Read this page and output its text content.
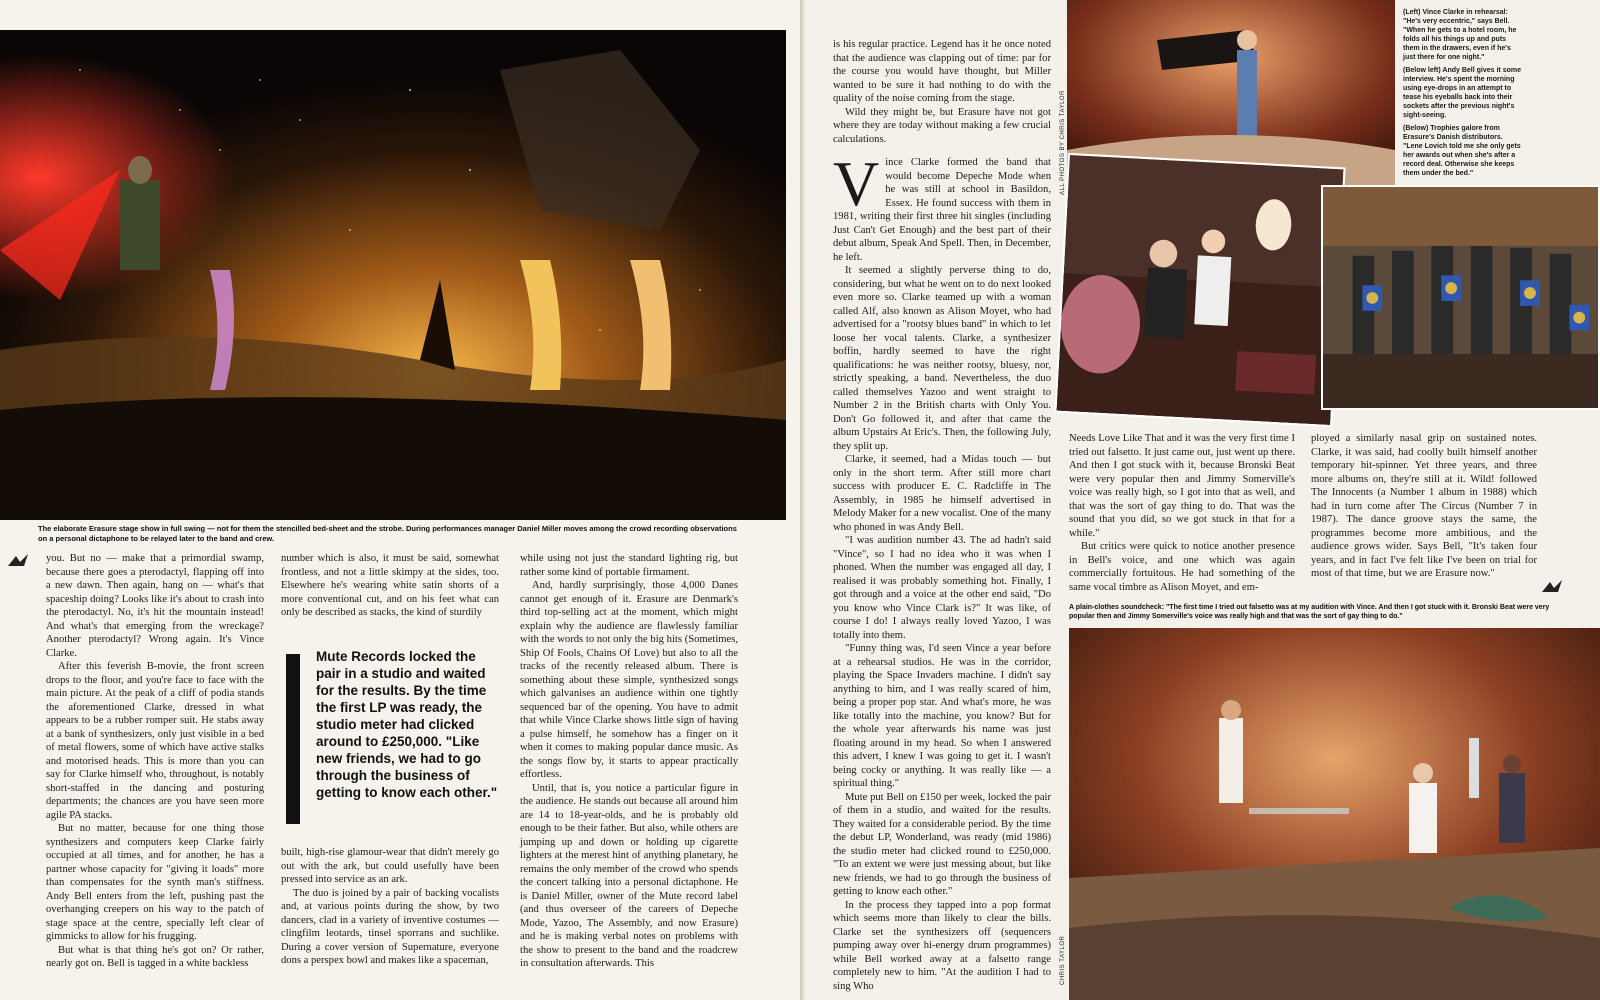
The elaborate Erasure stage show in full swing — not for them the stencilled bed-sheet and the strobe. During performances manager Daniel Miller moves among the crowd recording observations on a personal dictaphone to be relayed later to the band and crew.

you. But no — make that a primordial swamp, because there goes a pterodactyl, flapping off into a new dawn. Then again, hang on — what's that spaceship doing? Looks like it's about to crash into the pterodactyl. No, it's hit the mountain instead! And what's that emerging from the wreckage? Another pterodactyl? Wrong again. It's Vince Clarke.

After this feverish B-movie, the front screen drops to the floor, and you're face to face with the main picture. At the peak of a cliff of podia stands the aforementioned Clarke, dressed in what appears to be a rubber romper suit. He stabs away at a bank of synthesizers, only just visible in a bed of metal flowers, some of which have active stalks and motorised heads. This is more than you can say for Clarke himself who, throughout, is notably short-staffed in the dancing and posturing departments; the chances are you have seen more agile PA stacks.

But no matter, because for one thing those synthesizers and computers keep Clarke fairly occupied at all times, and for another, he has a partner whose capacity for "giving it loads" more than compensates for the synth man's stiffness. Andy Bell enters from the left, pushing past the overhanging creepers on his way to the patch of stage space at the centre, specially left clear of gimmicks to allow for his frugging.

But what is that thing he's got on? Or rather, nearly got on. Bell is tagged in a white backless

number which is also, it must be said, somewhat frontless, and not a little skimpy at the sides, too. Elsewhere he's wearing white satin shorts of a more conventional cut, and on his feet what can only be described as stacks, the kind of sturdily

Mute Records locked the pair in a studio and waited for the results. By the time the first LP was ready, the studio meter had clicked around to £250,000. "Like new friends, we had to go through the business of getting to know each other."

built, high-rise glamour-wear that didn't merely go out with the ark, but could usefully have been pressed into service as an ark.

The duo is joined by a pair of backing vocalists and, at various points during the show, by two dancers, clad in a variety of inventive costumes — clingfilm leotards, tinsel sporrans and suchlike. During a cover version of Supernature, everyone dons a perspex bowl and makes like a spaceman,

while using not just the standard lighting rig, but rather some kind of portable firmament.

And, hardly surprisingly, those 4,000 Danes cannot get enough of it. Erasure are Denmark's third top-selling act at the moment, which might explain why the audience are flawlessly familiar with the words to not only the big hits (Sometimes, Ship Of Fools, Chains Of Love) but also to all the tracks of the recently released album. There is something about these simple, synthesized songs which galvanises an audience within one tightly sequenced bar of the opening. You have to admit that while Vince Clarke shows little sign of having a pulse himself, he somehow has a finger on it when it comes to making popular dance music. As the songs flow by, it starts to appear practically effortless.

Until, that is, you notice a particular figure in the audience. He stands out because all around him are 14 to 18-year-olds, and he is probably old enough to be their father. But also, while others are jumping up and down or holding up cigarette lighters at the merest hint of anything planetary, he remains the only member of the crowd who spends the concert talking into a personal dictaphone. He is Daniel Miller, owner of the Mute record label (and thus overseer of the careers of Depeche Mode, Yazoo, The Assembly, and now Erasure) and he is making verbal notes on problems with the show to present to the band and the roadcrew in consultation afterwards. This

is his regular practice. Legend has it he once noted that the audience was clapping out of time: par for the course you would have thought, but Miller wanted to be sure it had nothing to do with the quality of the noise coming from the stage.

Wild they might be, but Erasure have not got where they are today without making a few crucial calculations.

Vince Clarke formed the band that would become Depeche Mode when he was still at school in Basildon, Essex. He found success with them in 1981, writing their first three hit singles (including Just Can't Get Enough) and the best part of their debut album, Speak And Spell. Then, in December, he left.

It seemed a slightly perverse thing to do, considering, but what he went on to do next looked even more so. Clarke teamed up with a woman called Alf, also known as Alison Moyet, who had advertised for a "rootsy blues band" in which to let loose her vocal talents. Clarke, a synthesizer boffin, hardly seemed to have the right qualifications: he was neither rootsy, bluesy, nor, strictly speaking, a band. Nevertheless, the duo called themselves Yazoo and went straight to Number 2 in the British charts with Only You. Don't Go followed it, and after that came the album Upstairs At Eric's. Then, the following July, they split up.

Clarke, it seemed, had a Midas touch — but only in the short term. After still more chart success with producer E. C. Radcliffe in The Assembly, in 1985 he himself advertised in Melody Maker for a new vocalist. One of the many who phoned in was Andy Bell.

"I was audition number 43. The ad hadn't said "Vince", so I had no idea who it was when I phoned. When the number was engaged all day, I realised it was probably something hot. Finally, I got through and a voice at the other end said, "Do you know who Vince Clark is?" It was like, of course I do! I always really loved Yazoo, I was totally into them.

"Funny thing was, I'd seen Vince a year before at a rehearsal studios. He was in the corridor, playing the Space Invaders machine. I didn't say anything to him, and I was really scared of him, being a proper pop star. And what's more, he was like totally into the machine, you know? But for the whole year afterwards his name was just floating around in my head. So when I answered this advert, I knew I was going to get it. I wasn't being cocky or anything. It was really like — a spiritual thing."

Mute put Bell on £150 per week, locked the pair of them in a studio, and waited for the results. They waited for a considerable period. By the time the debut LP, Wonderland, was ready (mid 1986) the studio meter had clicked round to £250,000. "To an extent we were just messing about, but like new friends, we had to go through the business of getting to know each other."

In the process they tapped into a pop format which seems more than likely to clear the bills. Clarke set the synthesizers off (sequencers pumping away over hi-energy drum programmes) while Bell worked away at a falsetto range completely new to him. "At the audition I had to sing Who

ALL PHOTOS BY CHRIS TAYLOR

(Left) Vince Clarke in rehearsal: "He's very eccentric," says Bell. "When he gets to a hotel room, he folds all his things up and puts them in the drawers, even if he's just there for one night."

(Below left) Andy Bell gives it some interview. He's spent the morning using eye-drops in an attempt to tease his eyeballs back into their sockets after the previous night's sight-seeing.

(Below) Trophies galore from Erasure's Danish distributors. "Lene Lovich told me she only gets her awards out when she's after a record deal. Otherwise she keeps them under the bed."

Needs Love Like That and it was the very first time I tried out falsetto. It just came out, just went up there. And then I got stuck with it, because Bronski Beat were very popular then and Jimmy Somerville's voice was really high, so I got into that as well, and that was the sort of gay thing to do. That was the sound that you did, so we got stuck in that for a while."

But critics were quick to notice another presence in Bell's voice, and one which was again commercially fortuitous. He had something of the same vocal timbre as Alison Moyet, and em-

ployed a similarly nasal grip on sustained notes. Clarke, it was said, had coolly built himself another temporary hit-spinner. Yet three years, and three more albums on, they're still at it. Wild! followed The Innocents (a Number 1 album in 1988) which had in turn come after The Circus (Number 7 in 1987). The dance groove stays the same, the programmes become more ambitious, and the audience grows wider. Says Bell, "It's taken four years, and in fact I've felt like I've been on trial for most of that time, but we are Erasure now."

A plain-clothes soundcheck: "The first time I tried out falsetto was at my audition with Vince. And then I got stuck with it. Bronski Beat were very popular then and Jimmy Somerville's voice was really high and that was the sort of gay thing to do."
CHRIS TAYLOR
